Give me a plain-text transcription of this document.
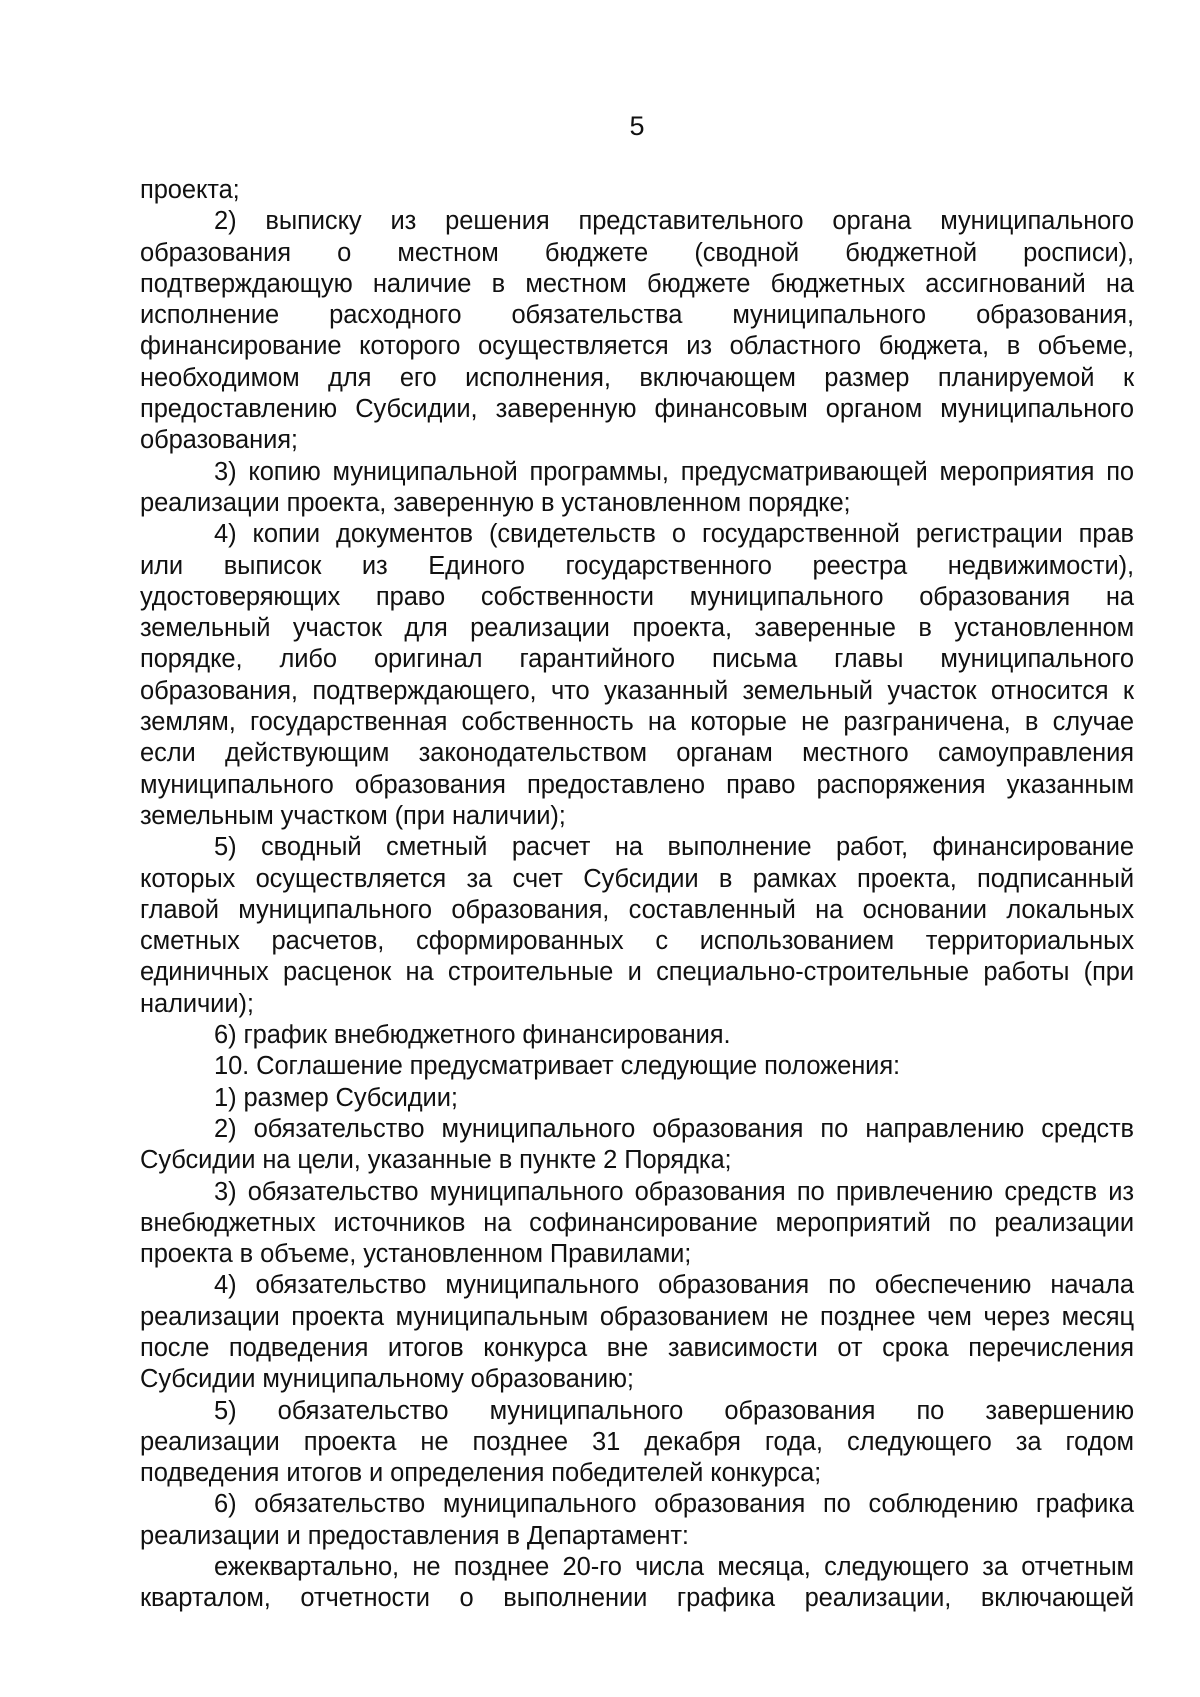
5
проекта;
2) выписку из решения представительного органа муниципального
образования о местном бюджете (сводной бюджетной росписи),
подтверждающую наличие в местном бюджете бюджетных ассигнований на
исполнение расходного обязательства муниципального образования,
финансирование которого осуществляется из областного бюджета, в объеме,
необходимом для его исполнения, включающем размер планируемой к
предоставлению Субсидии, заверенную финансовым органом муниципального
образования;
3) копию муниципальной программы, предусматривающей мероприятия по
реализации проекта, заверенную в установленном порядке;
4) копии документов (свидетельств о государственной регистрации прав
или выписок из Единого государственного реестра недвижимости),
удостоверяющих право собственности муниципального образования на
земельный участок для реализации проекта, заверенные в установленном
порядке, либо оригинал гарантийного письма главы муниципального
образования, подтверждающего, что указанный земельный участок относится к
землям, государственная собственность на которые не разграничена, в случае
если действующим законодательством органам местного самоуправления
муниципального образования предоставлено право распоряжения указанным
земельным участком (при наличии);
5) сводный сметный расчет на выполнение работ, финансирование
которых осуществляется за счет Субсидии в рамках проекта, подписанный
главой муниципального образования, составленный на основании локальных
сметных расчетов, сформированных с использованием территориальных
единичных расценок на строительные и специально-строительные работы (при
наличии);
6) график внебюджетного финансирования.
10. Соглашение предусматривает следующие положения:
1) размер Субсидии;
2) обязательство муниципального образования по направлению средств
Субсидии на цели, указанные в пункте 2 Порядка;
3) обязательство муниципального образования по привлечению средств из
внебюджетных источников на софинансирование мероприятий по реализации
проекта в объеме, установленном Правилами;
4) обязательство муниципального образования по обеспечению начала
реализации проекта муниципальным образованием не позднее чем через месяц
после подведения итогов конкурса вне зависимости от срока перечисления
Субсидии муниципальному образованию;
5) обязательство муниципального образования по завершению
реализации проекта не позднее 31 декабря года, следующего за годом
подведения итогов и определения победителей конкурса;
6) обязательство муниципального образования по соблюдению графика
реализации и предоставления в Департамент:
ежеквартально, не позднее 20-го числа месяца, следующего за отчетным
кварталом, отчетности о выполнении графика реализации, включающей
